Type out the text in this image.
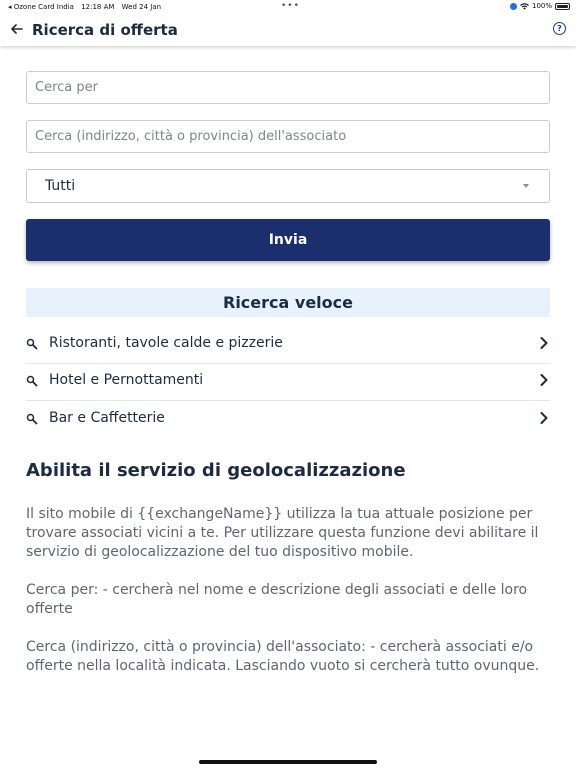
◂ Ozone Card India 12:18 AM Wed 24 Jan	•••	100%
Ricerca di offerta	?
Cerca per
Cerca (indirizzo, città o provincia) dell'associato
Tutti
Invia
Ricerca veloce
Ristoranti, tavole calde e pizzerie
Hotel e Pernottamenti
Bar e Caffetterie
Abilita il servizio di geolocalizzazione

Il sito mobile di {{exchangeName}} utilizza la tua attuale posizione per trovare associati vicini a te. Per utilizzare questa funzione devi abilitare il servizio di geolocalizzazione del tuo dispositivo mobile.

Cerca per: - cercherà nel nome e descrizione degli associati e delle loro offerte

Cerca (indirizzo, città o provincia) dell'associato: - cercherà associati e/o offerte nella località indicata. Lasciando vuoto si cercherà tutto ovunque.
